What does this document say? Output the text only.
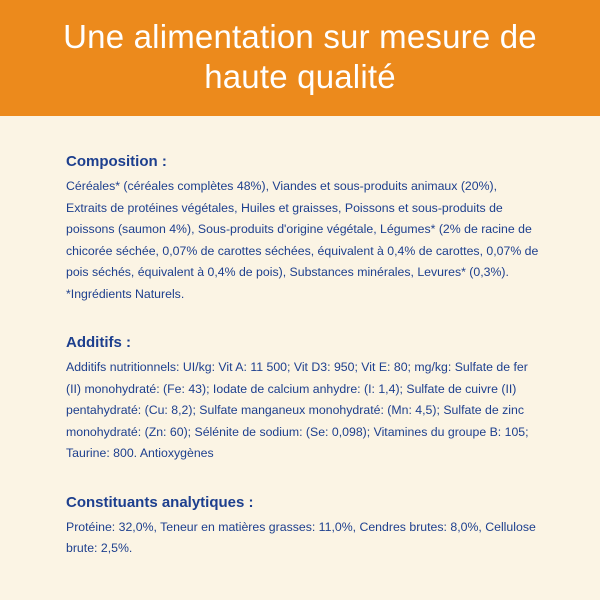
Une alimentation sur mesure de
haute qualité
Composition :

Céréales* (céréales complètes 48%), Viandes et sous-produits animaux (20%), Extraits de protéines végétales, Huiles et graisses, Poissons et sous-produits de poissons (saumon 4%), Sous-produits d'origine végétale, Légumes* (2% de racine de chicorée séchée, 0,07% de carottes séchées, équivalent à 0,4% de carottes, 0,07% de pois séchés, équivalent à 0,4% de pois), Substances minérales, Levures* (0,3%).

*Ingrédients Naturels.

Additifs :

Additifs nutritionnels: UI/kg: Vit A: 11 500; Vit D3: 950; Vit E: 80; mg/kg: Sulfate de fer (II) monohydraté: (Fe: 43); Iodate de calcium anhydre: (I: 1,4); Sulfate de cuivre (II) pentahydraté: (Cu: 8,2); Sulfate manganeux monohydraté: (Mn: 4,5); Sulfate de zinc monohydraté: (Zn: 60); Sélénite de sodium: (Se: 0,098); Vitamines du groupe B: 105; Taurine: 800. Antioxygènes

Constituants analytiques :

Protéine: 32,0%, Teneur en matières grasses: 11,0%, Cendres brutes: 8,0%, Cellulose brute: 2,5%.
